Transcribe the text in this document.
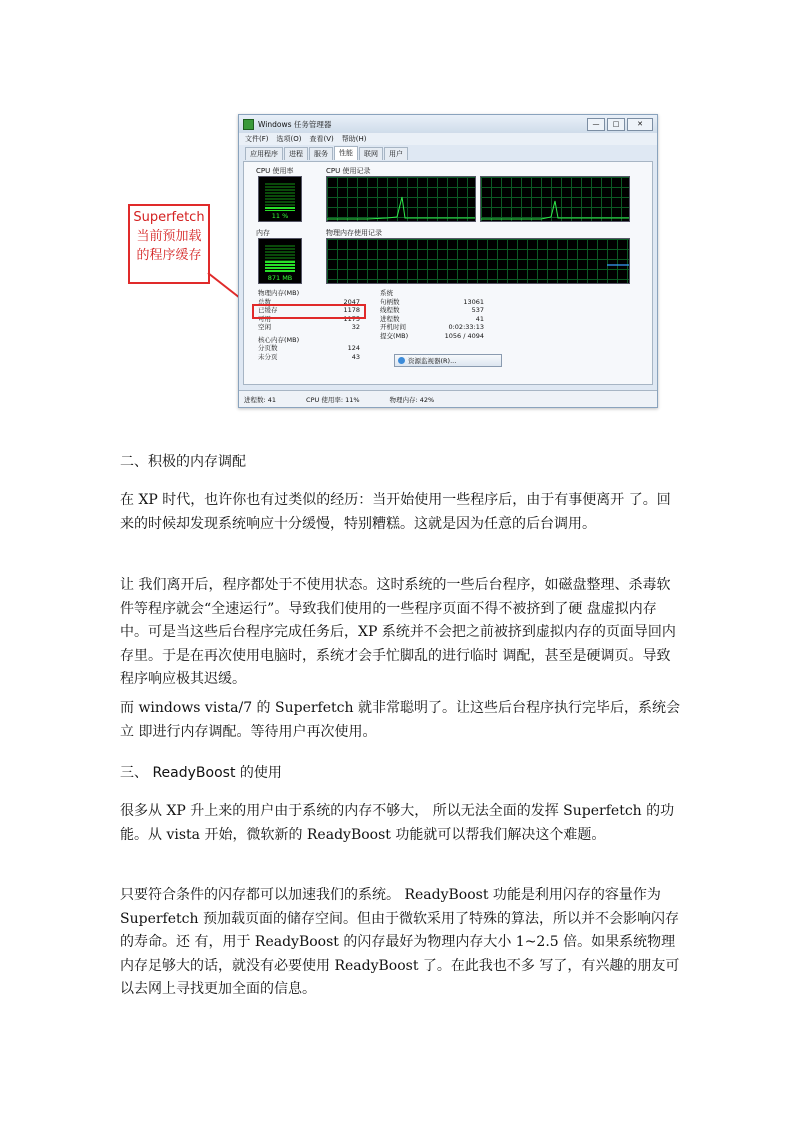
Superfetch
当前预加载
的程序缓存
Windows 任务管理器	—	□	✕
文件(F) 选项(O) 查看(V) 帮助(H)
应用程序	进程	服务	性能	联网	用户
CPU 使用率
11 %
CPU 使用记录
内存
871 MB
物理内存使用记录
物理内存(MB)
总数	2047
已缓存	1178
可用	1175
空闲	32
核心内存(MB)
分页数	124
未分页	43
系统
句柄数	13061
线程数	537
进程数	41
开机时间	0:02:33:13
提交(MB)	1056 / 4094
资源监视器(R)...
进程数: 41	CPU 使用率: 11%	物理内存: 42%
二、积极的内存调配

在 XP 时代，也许你也有过类似的经历：当开始使用一些程序后，由于有事便离开 了。回来的时候却发现系统响应十分缓慢，特别糟糕。这就是因为任意的后台调用。

让 我们离开后，程序都处于不使用状态。这时系统的一些后台程序，如磁盘整理、杀毒软件等程序就会“全速运行”。导致我们使用的一些程序页面不得不被挤到了硬 盘虚拟内存中。可是当这些后台程序完成任务后，XP 系统并不会把之前被挤到虚拟内存的页面导回内存里。于是在再次使用电脑时，系统才会手忙脚乱的进行临时 调配，甚至是硬调页。导致程序响应极其迟缓。

而 windows vista/7 的 Superfetch 就非常聪明了。让这些后台程序执行完毕后，系统会立 即进行内存调配。等待用户再次使用。

三、 ReadyBoost 的使用

很多从 XP 升上来的用户由于系统的内存不够大， 所以无法全面的发挥 Superfetch 的功能。从 vista 开始，微软新的 ReadyBoost 功能就可以帮我们解决这个难题。

只要符合条件的闪存都可以加速我们的系统。 ReadyBoost 功能是利用闪存的容量作为 Superfetch 预加载页面的储存空间。但由于微软采用了特殊的算法，所以并不会影响闪存的寿命。还 有，用于 ReadyBoost 的闪存最好为物理内存大小 1~2.5 倍。如果系统物理内存足够大的话，就没有必要使用 ReadyBoost 了。在此我也不多 写了，有兴趣的朋友可以去网上寻找更加全面的信息。
